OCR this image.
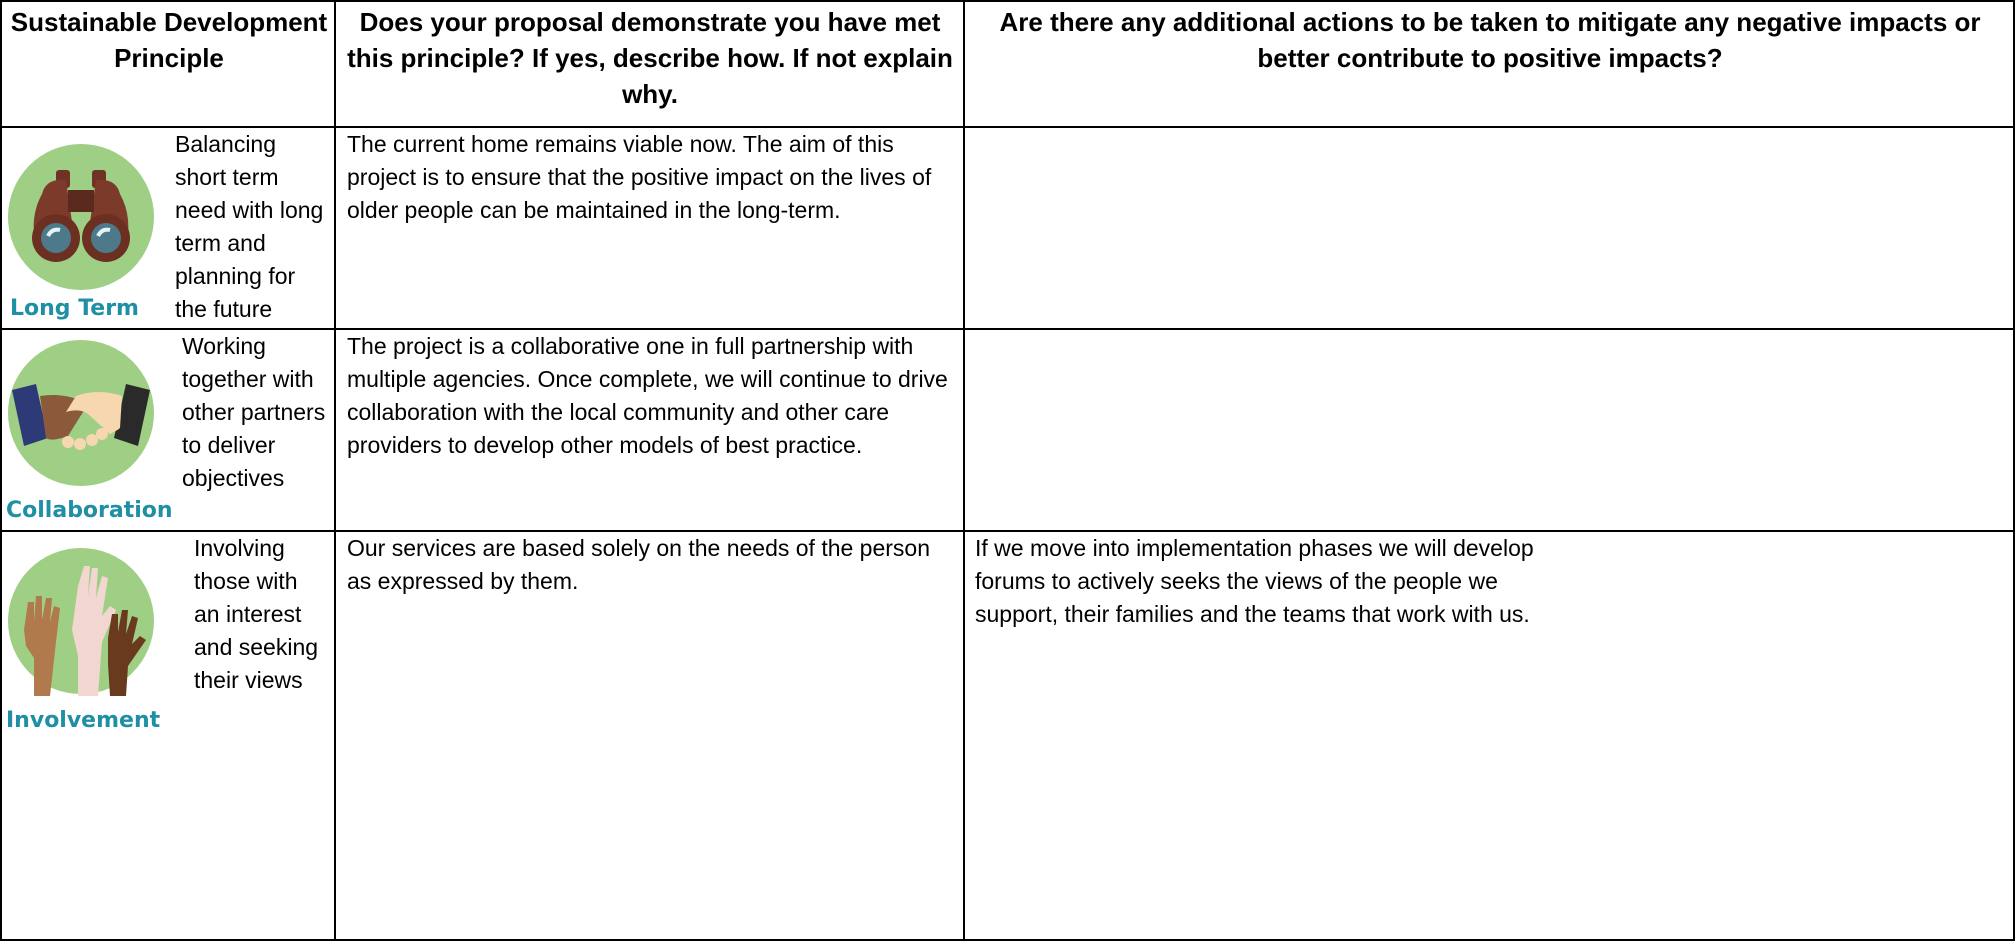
Sustainable Development Principle
Does your proposal demonstrate you have met this principle? If yes, describe how. If not explain why.
Are there any additional actions to be taken to mitigate any negative impacts or better contribute to positive impacts?
Long Term
Balancing short term need with long term and planning for the future
The current home remains viable now. The aim of this project is to ensure that the positive impact on the lives of older people can be maintained in the long-term.
Collaboration
Working together with other partners to deliver objectives
The project is a collaborative one in full partnership with multiple agencies. Once complete, we will continue to drive collaboration with the local community and other care providers to develop other models of best practice.
Involvement
Involving those with an interest and seeking their views
Our services are based solely on the needs of the person as expressed by them.
If we move into implementation phases we will develop forums to actively seeks the views of the people we support, their families and the teams that work with us.
